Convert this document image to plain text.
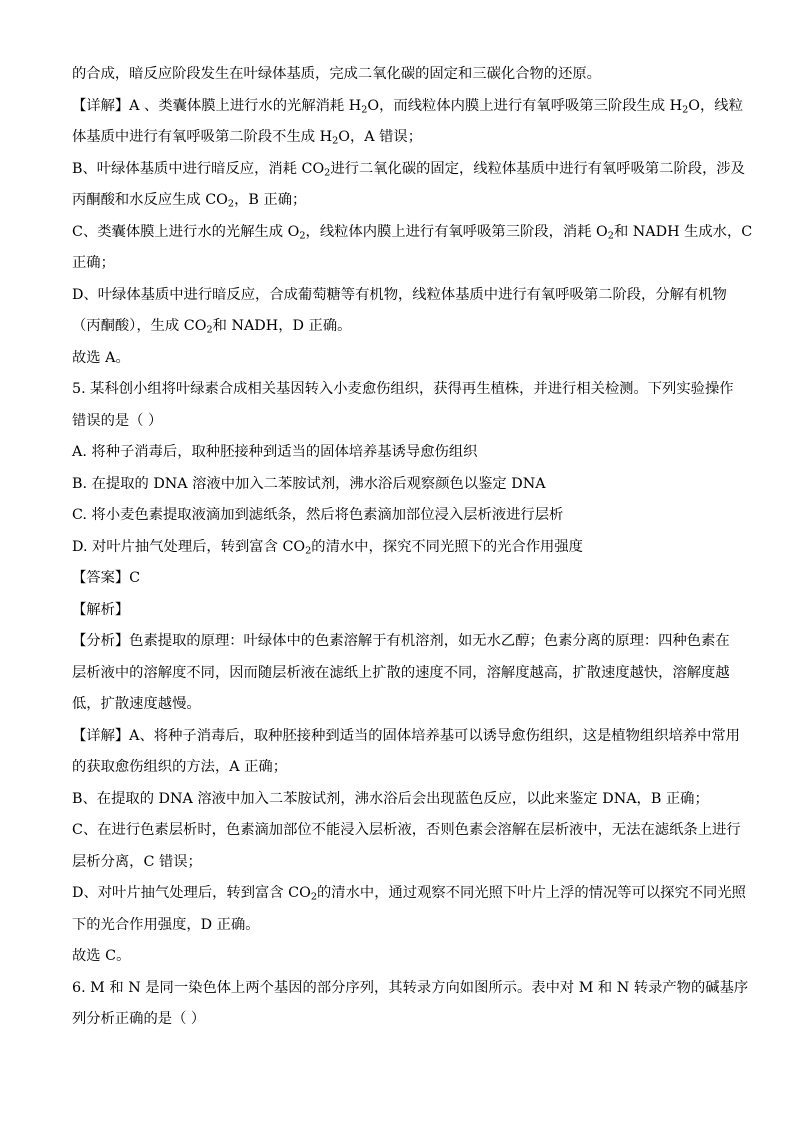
的合成，暗反应阶段发生在叶绿体基质，完成二氧化碳的固定和三碳化合物的还原。
【详解】A 、类囊体膜上进行水的光解消耗 $H_2O$，而线粒体内膜上进行有氧呼吸第三阶段生成 $H_2O$，线粒
体基质中进行有氧呼吸第二阶段不生成 $H_2O$，A 错误；
B、叶绿体基质中进行暗反应，消耗 $CO_2$进行二氧化碳的固定，线粒体基质中进行有氧呼吸第二阶段，涉及
丙酮酸和水反应生成 $CO_2$，B 正确；
C、类囊体膜上进行水的光解生成 $O_2$，线粒体内膜上进行有氧呼吸第三阶段，消耗 $O_2$和 NADH 生成水，C
正确；
D、叶绿体基质中进行暗反应，合成葡萄糖等有机物，线粒体基质中进行有氧呼吸第二阶段，分解有机物
（丙酮酸），生成 $CO_2$和 NADH，D 正确。
故选 A。
5. 某科创小组将叶绿素合成相关基因转入小麦愈伤组织，获得再生植株，并进行相关检测。下列实验操作
错误的是（ ）
A. 将种子消毒后，取种胚接种到适当的固体培养基诱导愈伤组织
B. 在提取的 DNA 溶液中加入二苯胺试剂，沸水浴后观察颜色以鉴定 DNA
C. 将小麦色素提取液滴加到滤纸条，然后将色素滴加部位浸入层析液进行层析
D. 对叶片抽气处理后，转到富含 $CO_2$的清水中，探究不同光照下的光合作用强度
【答案】C
【解析】
【分析】色素提取的原理：叶绿体中的色素溶解于有机溶剂，如无水乙醇；色素分离的原理：四种色素在
层析液中的溶解度不同，因而随层析液在滤纸上扩散的速度不同，溶解度越高，扩散速度越快，溶解度越
低，扩散速度越慢。
【详解】A、将种子消毒后，取种胚接种到适当的固体培养基可以诱导愈伤组织，这是植物组织培养中常用
的获取愈伤组织的方法，A 正确；
B、在提取的 DNA 溶液中加入二苯胺试剂，沸水浴后会出现蓝色反应，以此来鉴定 DNA，B 正确；
C、在进行色素层析时，色素滴加部位不能浸入层析液，否则色素会溶解在层析液中，无法在滤纸条上进行
层析分离，C 错误；
D、对叶片抽气处理后，转到富含 $CO_2$的清水中，通过观察不同光照下叶片上浮的情况等可以探究不同光照
下的光合作用强度，D 正确。
故选 C。
6. M 和 N 是同一染色体上两个基因的部分序列，其转录方向如图所示。表中对 M 和 N 转录产物的碱基序
列分析正确的是（ ）
